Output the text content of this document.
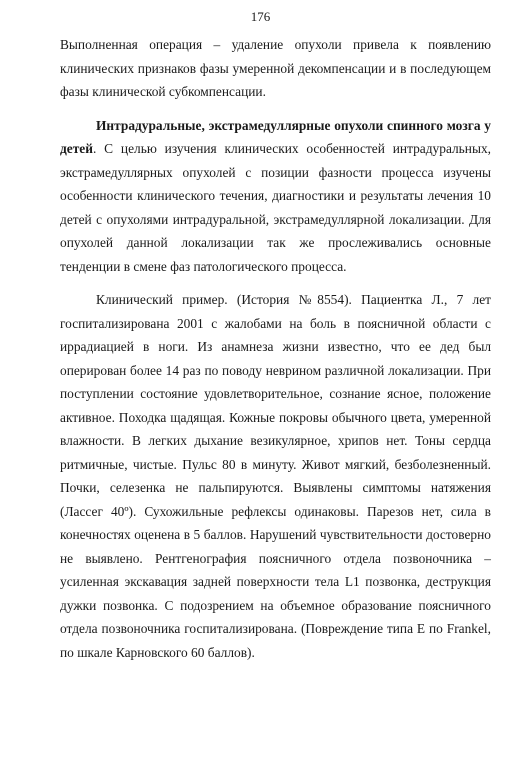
176

Выполненная операция – удаление опухоли привела к появлению клинических признаков фазы умеренной декомпенсации и в последующем фазы клинической субкомпенсации.

Интрадуральные, экстрамедуллярные опухоли спинного мозга у детей. С целью изучения клинических особенностей интрадуральных, экстрамедуллярных опухолей с позиции фазности процесса изучены особенности клинического течения, диагностики и результаты лечения 10 детей с опухолями интрадуральной, экстрамедуллярной локализации. Для опухолей данной локализации так же прослеживались основные тенденции в смене фаз патологического процесса.

Клинический пример. (История №8554). Пациентка Л., 7 лет госпитализирована 2001 с жалобами на боль в поясничной области с иррадиацией в ноги. Из анамнеза жизни известно, что ее дед был оперирован более 14 раз по поводу неврином различной локализации. При поступлении состояние удовлетворительное, сознание ясное, положение активное. Походка щадящая. Кожные покровы обычного цвета, умеренной влажности. В легких дыхание везикулярное, хрипов нет. Тоны сердца ритмичные, чистые. Пульс 80 в минуту. Живот мягкий, безболезненный. Почки, селезенка не пальпируются. Выявлены симптомы натяжения (Лассег 40º). Сухожильные рефлексы одинаковы. Парезов нет, сила в конечностях оценена в 5 баллов. Нарушений чувствительности достоверно не выявлено. Рентгенография поясничного отдела позвоночника – усиленная экскавация задней поверхности тела L1 позвонка, деструкция дужки позвонка. С подозрением на объемное образование поясничного отдела позвоночника госпитализирована. (Повреждение типа Е по Frankel, по шкале Карновского 60 баллов).
